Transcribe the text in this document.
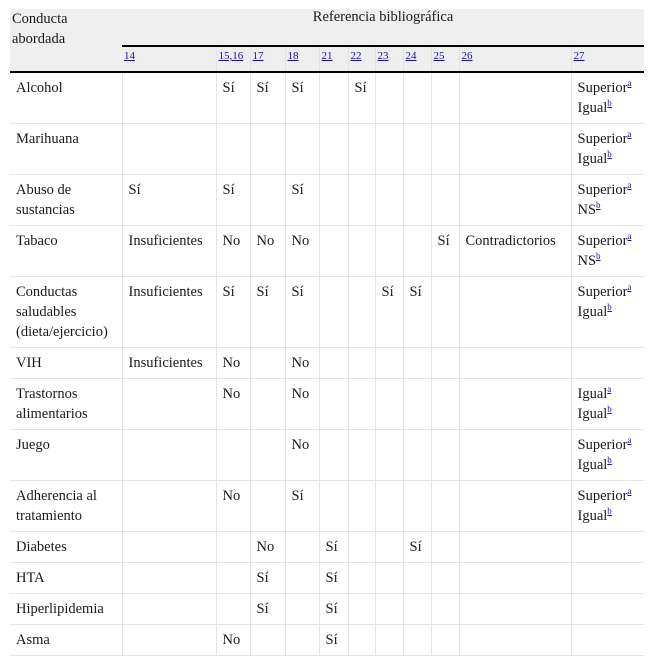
Conducta abordada	Referencia bibliográfica										
	14	15,16	17	18	21	22	23	24	25	26	27
Alcohol		Sí	Sí	Sí		Sí					Superior$^a$
Igual$^b$

Marihuana											Superior$^a$
Igual$^b$

Abuso de sustancias	Sí	Sí		Sí							Superior$^a$
NS$^b$

Tabaco	Insuficientes	No	No	No					Sí	Contradictorios	Superior$^a$
NS$^b$

Conductas saludables (dieta/ejercicio)	Insuficientes	Sí	Sí	Sí			Sí	Sí			Superior$^a$
Igual$^b$

VIH	Insuficientes	No		No							
Trastornos alimentarios		No		No							Igual$^a$
Igual$^b$

Juego				No							Superior$^a$
Igual$^b$

Adherencia al tratamiento		No		Sí							Superior$^a$
Igual$^b$

Diabetes			No		Sí			Sí			
HTA			Sí		Sí						
Hiperlipidemia			Sí		Sí						
Asma		No			Sí						
